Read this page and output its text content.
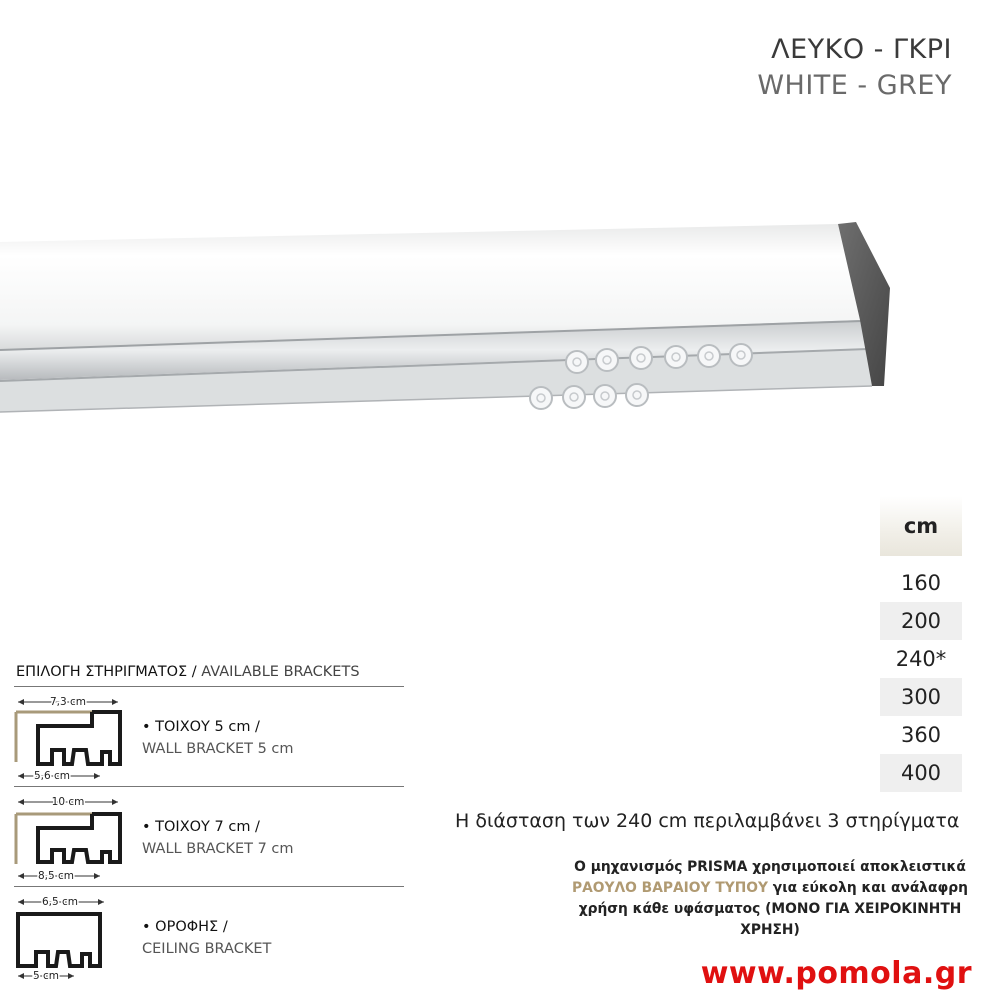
ΛΕΥΚΟ - ΓΚΡΙ
WHITE - GREY
cm
160
200
240*
300
360
400
Η διάσταση των 240 cm περιλαμβάνει 3 στηρίγματα
ΕΠΙΛΟΓΗ ΣΤΗΡΙΓΜΑΤΟΣ / AVAILABLE BRACKETS
7,3 cm
5,6 cm
• ΤΟΙΧΟΥ 5 cm /
WALL BRACKET 5 cm
10 cm
8,5 cm
• ΤΟΙΧΟΥ 7 cm /
WALL BRACKET 7 cm
6,5 cm
5 cm
• ΟΡΟΦΗΣ /
CEILING BRACKET
Ο μηχανισμός PRISMA χρησιμοποιεί αποκλειστικά ΡΑΟΥΛΟ ΒΑΡΑΙΟΥ ΤΥΠΟΥ για εύκολη και ανάλαφρη χρήση κάθε υφάσματος (ΜΟΝΟ ΓΙΑ ΧΕΙΡΟΚΙΝΗΤΗ ΧΡΗΣΗ)
www.pomola.gr
